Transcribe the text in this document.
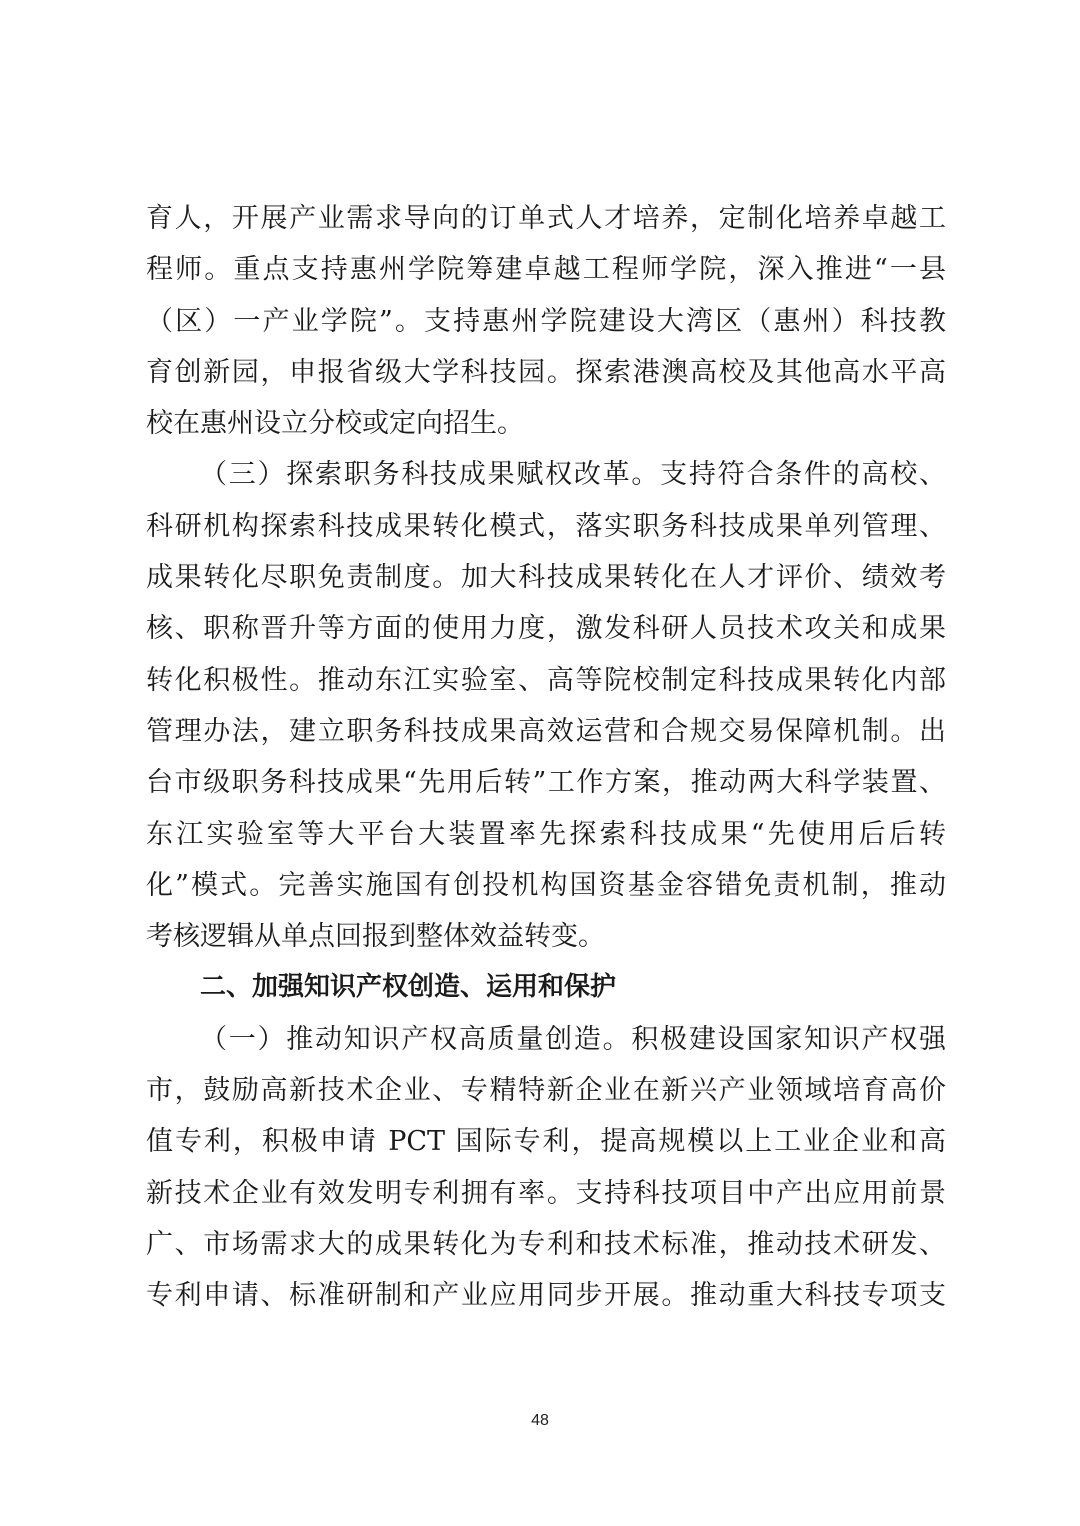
育人，开展产业需求导向的订单式人才培养，定制化培养卓越工
程师。重点支持惠州学院筹建卓越工程师学院，深入推进“一县
（区）一产业学院”。支持惠州学院建设大湾区（惠州）科技教
育创新园，申报省级大学科技园。探索港澳高校及其他高水平高
校在惠州设立分校或定向招生。
（三）探索职务科技成果赋权改革。支持符合条件的高校、
科研机构探索科技成果转化模式，落实职务科技成果单列管理、
成果转化尽职免责制度。加大科技成果转化在人才评价、绩效考
核、职称晋升等方面的使用力度，激发科研人员技术攻关和成果
转化积极性。推动东江实验室、高等院校制定科技成果转化内部
管理办法，建立职务科技成果高效运营和合规交易保障机制。出
台市级职务科技成果“先用后转”工作方案，推动两大科学装置、
东江实验室等大平台大装置率先探索科技成果“先使用后后转
化”模式。完善实施国有创投机构国资基金容错免责机制，推动
考核逻辑从单点回报到整体效益转变。
二、加强知识产权创造、运用和保护
（一）推动知识产权高质量创造。积极建设国家知识产权强
市，鼓励高新技术企业、专精特新企业在新兴产业领域培育高价
值专利，积极申请 PCT 国际专利，提高规模以上工业企业和高
新技术企业有效发明专利拥有率。支持科技项目中产出应用前景
广、市场需求大的成果转化为专利和技术标准，推动技术研发、
专利申请、标准研制和产业应用同步开展。推动重大科技专项支
48
